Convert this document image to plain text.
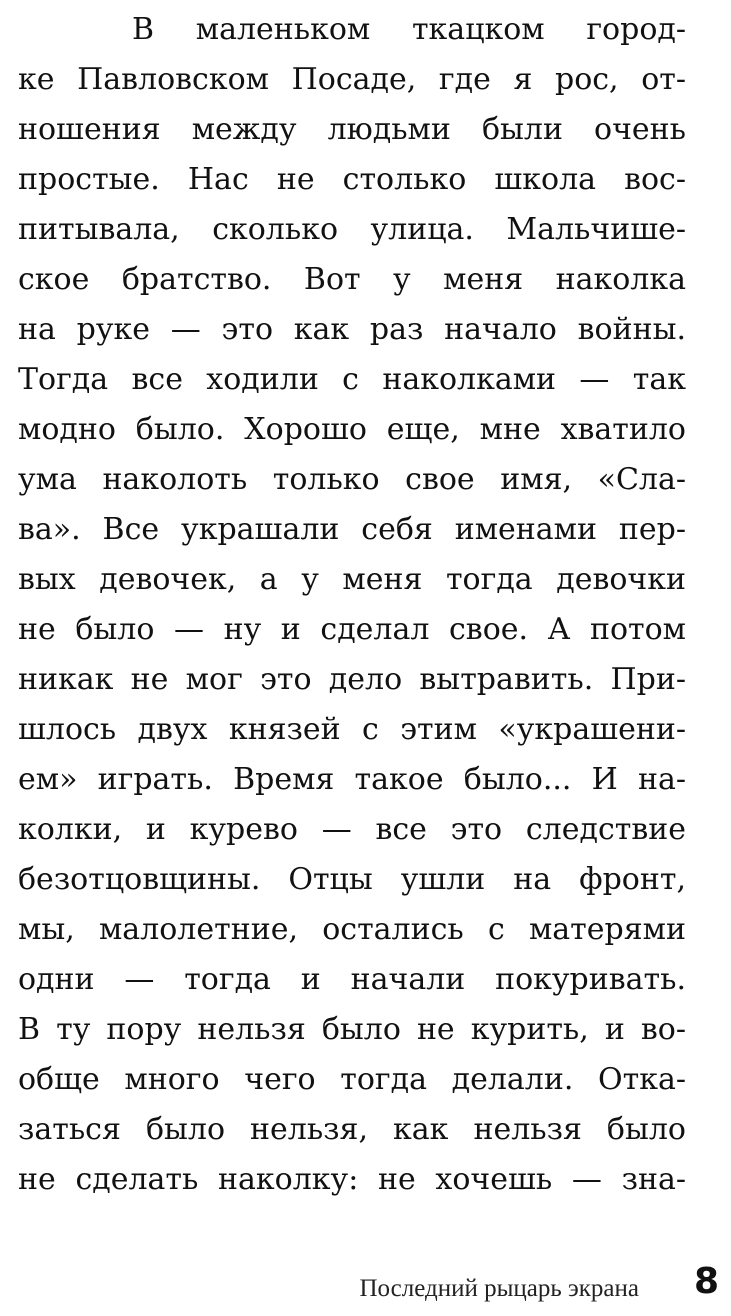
В маленьком ткацком город-
ке Павловском Посаде, где я рос, от-
ношения между людьми были очень
простые. Нас не столько школа вос-
питывала, сколько улица. Мальчише-
ское братство. Вот у меня наколка
на руке — это как раз начало войны.
Тогда все ходили с наколками — так
модно было. Хорошо еще, мне хватило
ума наколоть только свое имя, «Сла-
ва». Все украшали себя именами пер-
вых девочек, а у меня тогда девочки
не было — ну и сделал свое. А потом
никак не мог это дело вытравить. При-
шлось двух князей с этим «украшени-
ем» играть. Время такое было... И на-
колки, и курево — все это следствие
безотцовщины. Отцы ушли на фронт,
мы, малолетние, остались с матерями
одни — тогда и начали покуривать.
В ту пору нельзя было не курить, и во-
обще много чего тогда делали. Отка-
заться было нельзя, как нельзя было
не сделать наколку: не хочешь — зна-
Последний рыцарь экрана 8
